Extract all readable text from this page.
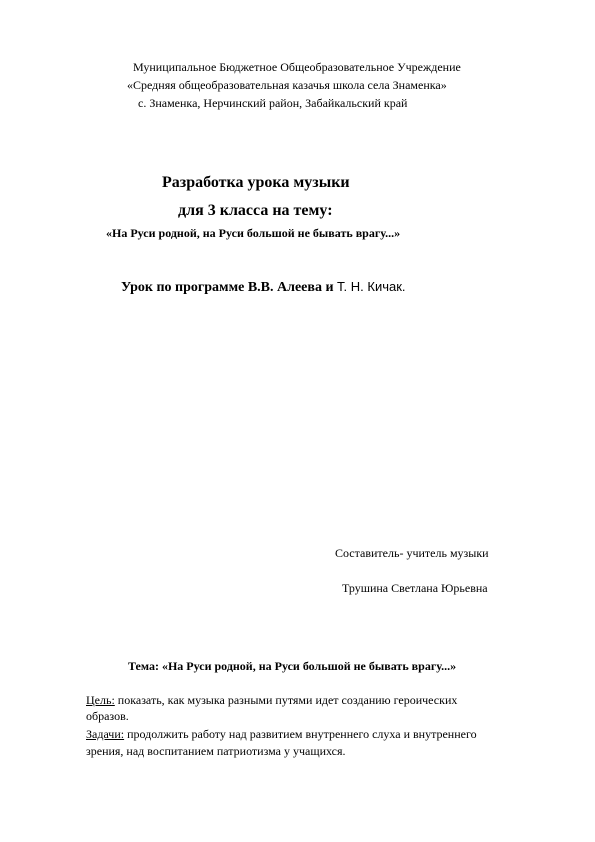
Муниципальное Бюджетное Общеобразовательное Учреждение
«Средняя общеобразовательная казачья школа села Знаменка»
с. Знаменка, Нерчинский район, Забайкальский край
Разработка урока музыки
для 3 класса на тему:
«На Руси родной, на Руси большой не бывать врагу...»
Урок по программе В.В. Алеева и Т. Н. Кичак.
Составитель- учитель музыки
Трушина Светлана Юрьевна
Тема: «На Руси родной, на Руси большой не бывать врагу...»
Цель: показать, как музыка разными путями идет созданию героических
образов.
Задачи: продолжить работу над развитием внутреннего слуха и внутреннего
зрения, над воспитанием патриотизма у учащихся.
